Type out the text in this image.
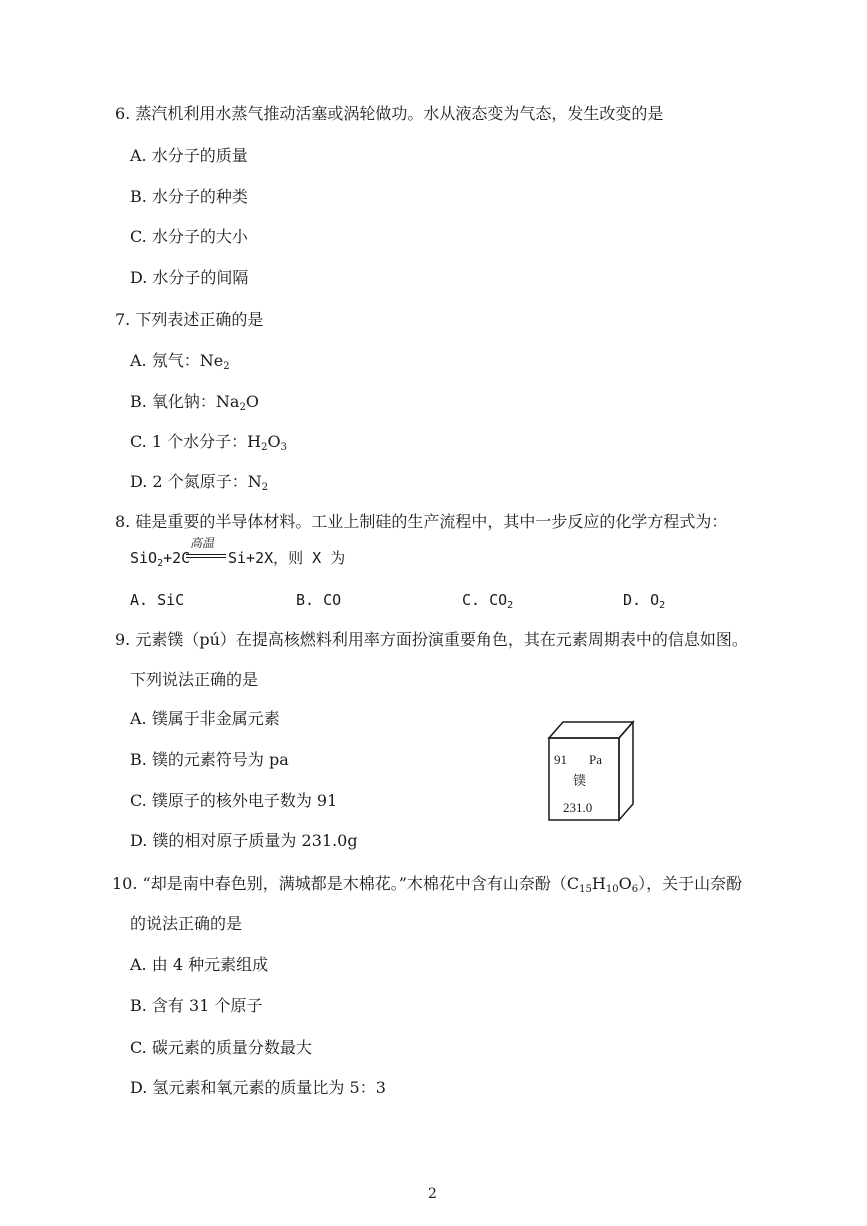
6. 蒸汽机利用水蒸气推动活塞或涡轮做功。水从液态变为气态，发生改变的是
A. 水分子的质量
B. 水分子的种类
C. 水分子的大小
D. 水分子的间隔
7. 下列表述正确的是
A. 氖气：$Ne_2$
B. 氧化钠：$Na_2O$
C. 1 个水分子：$H_2O_3$
D. 2 个氮原子：$N_2$
8. 硅是重要的半导体材料。工业上制硅的生产流程中，其中一步反应的化学方程式为：
高温
SiO$_2$+2C	Si+2X，则 X 为
A. SiC	B. CO	C. $CO_2$	D. $O_2$
9. 元素镤（pú）在提高核燃料利用率方面扮演重要角色，其在元素周期表中的信息如图。
下列说法正确的是
A. 镤属于非金属元素
B. 镤的元素符号为 pa
C. 镤原子的核外电子数为 91
D. 镤的相对原子质量为 231.0g
91 Pa
镤
231.0
10. “却是南中春色别，满城都是木棉花。”木棉花中含有山奈酚$(C_{15}H_{10}O_6)$，关于山奈酚
的说法正确的是
A. 由 4 种元素组成
B. 含有 31 个原子
C. 碳元素的质量分数最大
D. 氢元素和氧元素的质量比为 5：3
2
